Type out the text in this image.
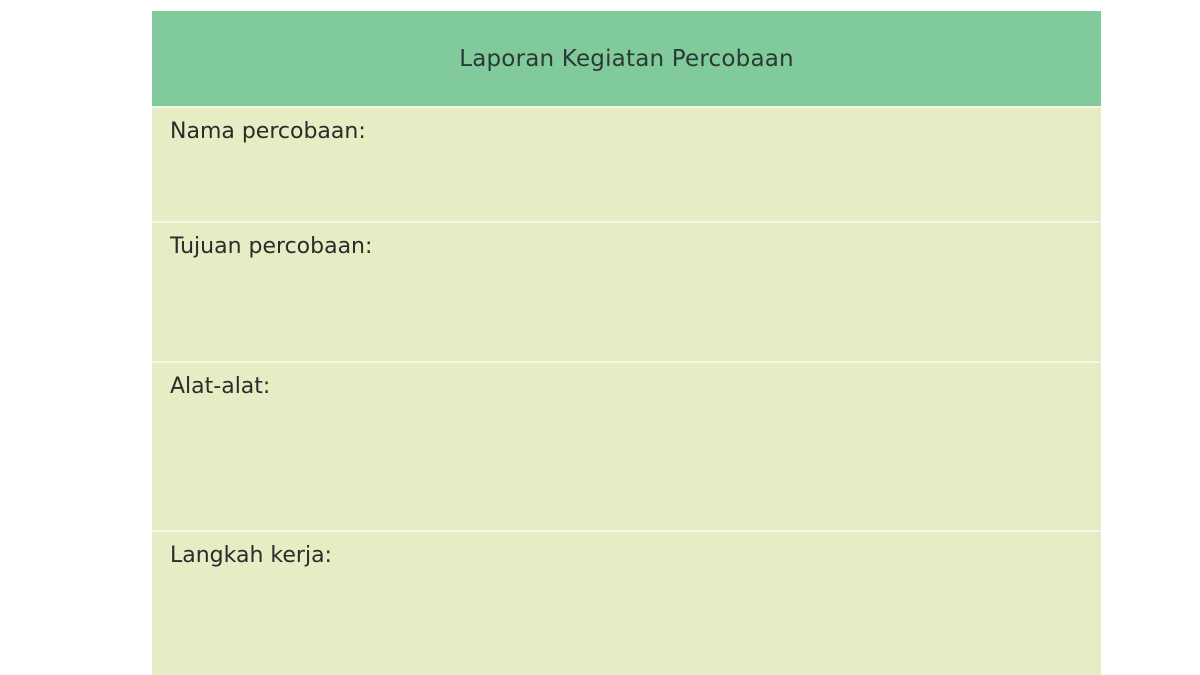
Laporan Kegiatan Percobaan
Nama percobaan:
Tujuan percobaan:
Alat-alat:
Langkah kerja:
